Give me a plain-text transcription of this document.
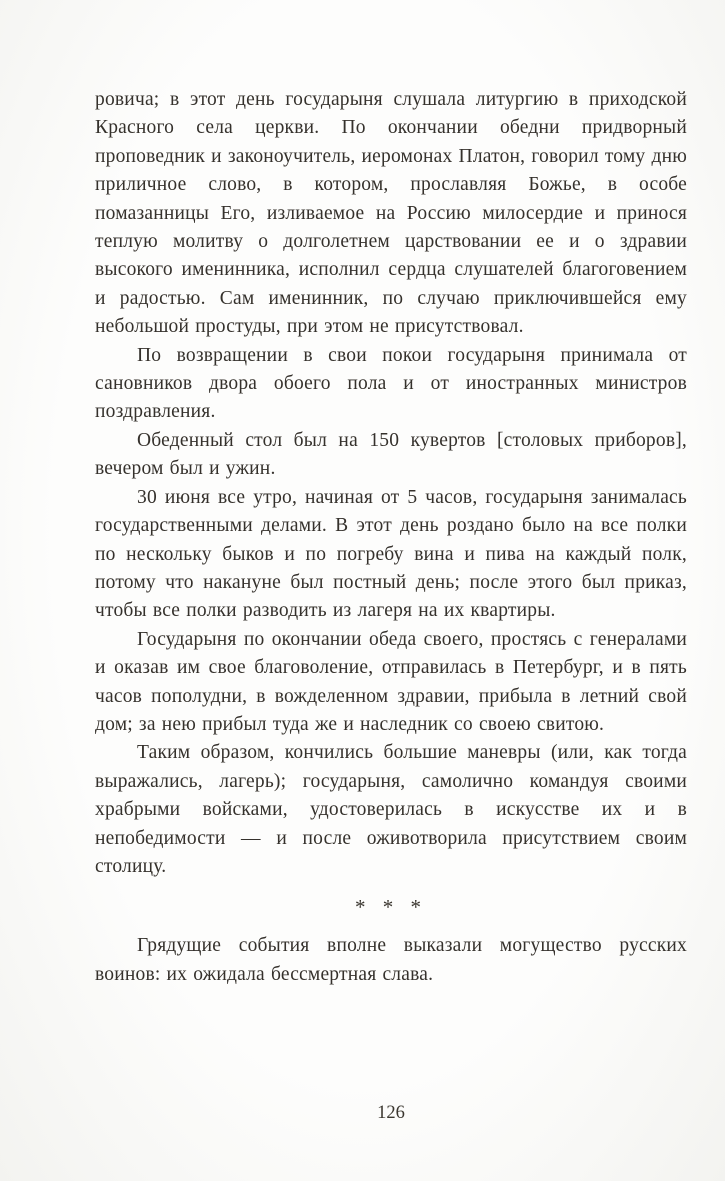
ровича; в этот день государыня слушала литургию в приходской Красного села церкви. По окончании обедни придворный проповедник и законоучитель, иеромонах Платон, говорил тому дню приличное слово, в котором, прославляя Божье, в особе помазанницы Его, изливаемое на Россию милосердие и принося теплую молитву о долголетнем царствовании ее и о здравии высокого именинника, исполнил сердца слушателей благоговением и радостью. Сам именинник, по случаю приключившейся ему небольшой простуды, при этом не присутствовал.

По возвращении в свои покои государыня принимала от сановников двора обоего пола и от иностранных министров поздравления.

Обеденный стол был на 150 кувертов [столовых приборов], вечером был и ужин.

30 июня все утро, начиная от 5 часов, государыня занималась государственными делами. В этот день роздано было на все полки по нескольку быков и по погребу вина и пива на каждый полк, потому что накануне был постный день; после этого был приказ, чтобы все полки разводить из лагеря на их квартиры.

Государыня по окончании обеда своего, простясь с генералами и оказав им свое благоволение, отправилась в Петербург, и в пять часов пополудни, в вожделенном здравии, прибыла в летний свой дом; за нею прибыл туда же и наследник со своею свитою.

Таким образом, кончились большие маневры (или, как тогда выражались, лагерь); государыня, самолично командуя своими храбрыми войсками, удостоверилась в искусстве их и в непобедимости — и после оживотворила присутствием своим столицу.

* * *

Грядущие события вполне выказали могущество русских воинов: их ожидала бессмертная слава.

126
